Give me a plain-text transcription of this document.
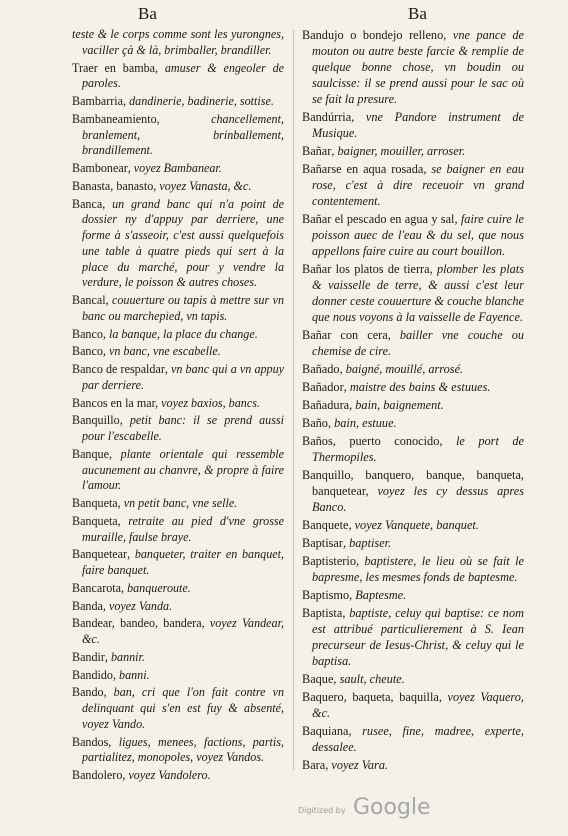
Ba	Ba

teste & le corps comme sont les yurongnes, vaciller çà & là, brimballer, brandiller.

Traer en bamba, amuser & engeoler de paroles.

Bambarria, dandinerie, badinerie, sottise.

Bambaneamiento, chancellement, branlement, brinballement, brandillement.

Bambonear, voyez Bambanear.

Banasta, banasto, voyez Vanasta, &c.

Banca, un grand banc qui n'a point de dossier ny d'appuy par derriere, une forme à s'asseoir, c'est aussi quelquefois une table à quatre pieds qui sert à la place du marché, pour y vendre la verdure, le poisson & autres choses.

Bancal, couuerture ou tapis à mettre sur vn banc ou marchepied, vn tapis.

Banco, la banque, la place du change.

Banco, vn banc, vne escabelle.

Banco de respaldar, vn banc qui a vn appuy par derriere.

Bancos en la mar, voyez baxios, bancs.

Banquillo, petit banc: il se prend aussi pour l'escabelle.

Banque, plante orientale qui ressemble aucunement au chanvre, & propre à faire l'amour.

Banqueta, vn petit banc, vne selle.

Banqueta, retraite au pied d'vne grosse muraille, faulse braye.

Banquetear, banqueter, traiter en banquet, faire banquet.

Bancarota, banqueroute.

Banda, voyez Vanda.

Bandear, bandeo, bandera, voyez Vandear, &c.

Bandir, bannir.

Bandido, banni.

Bando, ban, cri que l'on fait contre vn delinquant qui s'en est fuy & absenté, voyez Vando.

Bandos, ligues, menees, factions, partis, partialitez, monopoles, voyez Vandos.

Bandolero, voyez Vandolero.

Bandujo o bondejo relleno, vne pance de mouton ou autre beste farcie & remplie de quelque bonne chose, vn boudin ou saulcisse: il se prend aussi pour le sac où se fait la presure.

Bandúrria, vne Pandore instrument de Musique.

Bañar, baigner, mouiller, arroser.

Bañarse en aqua rosada, se baigner en eau rose, c'est à dire receuoir vn grand contentement.

Bañar el pescado en agua y sal, faire cuire le poisson auec de l'eau & du sel, que nous appellons faire cuire au court bouillon.

Bañar los platos de tierra, plomber les plats & vaisselle de terre, & aussi c'est leur donner ceste couuerture & couche blanche que nous voyons à la vaisselle de Fayence.

Bañar con cera, bailler vne couche ou chemise de cire.

Bañado, baigné, mouillé, arrosé.

Bañador, maistre des bains & estuues.

Bañadura, bain, baignement.

Baño, bain, estuue.

Baños, puerto conocido, le port de Thermopiles.

Banquillo, banquero, banque, banqueta, banquetear, voyez les cy dessus apres Banco.

Banquete, voyez Vanquete, banquet.

Baptisar, baptiser.

Baptisterio, baptistere, le lieu où se fait le bapresme, les mesmes fonds de baptesme.

Baptismo, Baptesme.

Baptista, baptiste, celuy qui baptise: ce nom est attribué particulierement à S. Iean precurseur de Iesus-Christ, & celuy qui le baptisa.

Baque, sault, cheute.

Baquero, baqueta, baquilla, voyez Vaquero, &c.

Baquiana, rusee, fine, madree, experte, dessalee.

Bara, voyez Vara.

Digitized by Google
